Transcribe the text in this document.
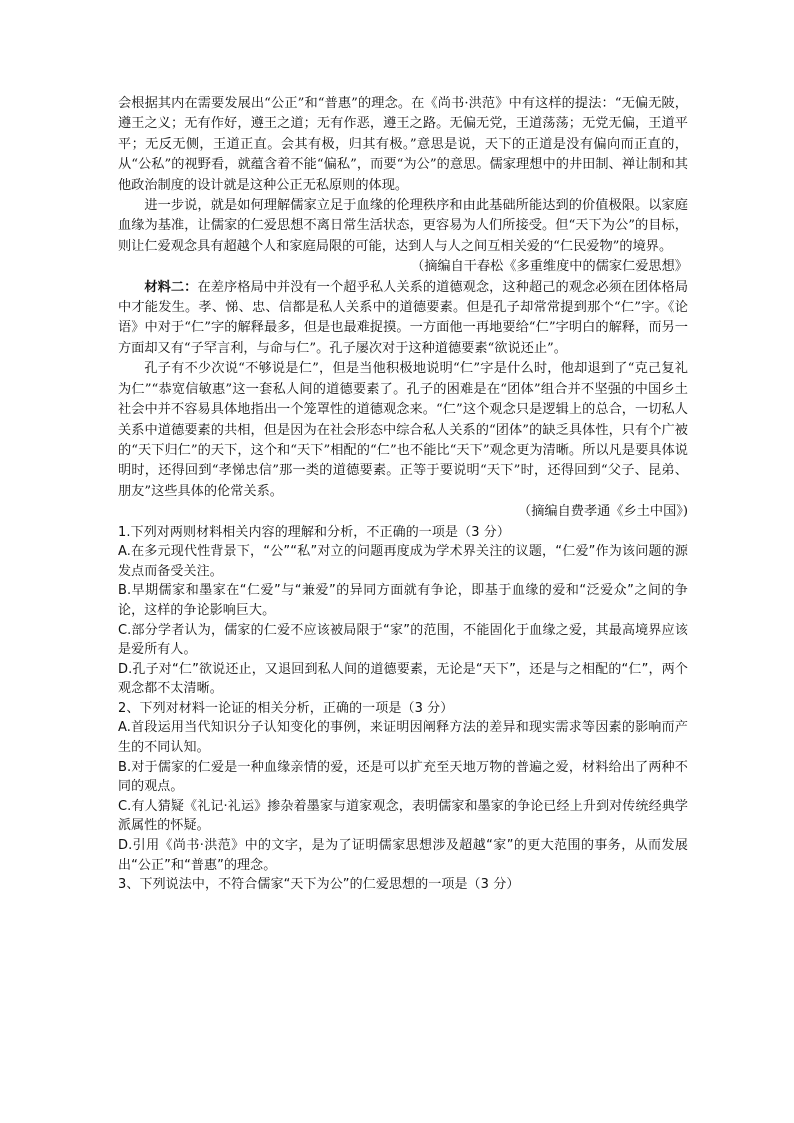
会根据其内在需要发展出“公正”和“普惠”的理念。在《尚书·洪范》中有这样的提法：“无偏无陂，遵王之义；无有作好，遵王之道；无有作恶，遵王之路。无偏无党，王道荡荡；无党无偏，王道平平；无反无侧，王道正直。会其有极，归其有极。”意思是说，天下的正道是没有偏向而正直的，从“公私”的视野看，就蕴含着不能“偏私”，而要“为公”的意思。儒家理想中的井田制、禅让制和其他政治制度的设计就是这种公正无私原则的体现。

进一步说，就是如何理解儒家立足于血缘的伦理秩序和由此基础所能达到的价值极限。以家庭血缘为基准，让儒家的仁爱思想不离日常生活状态，更容易为人们所接受。但“天下为公”的目标，则让仁爱观念具有超越个人和家庭局限的可能，达到人与人之间互相关爱的“仁民爱物”的境界。

（摘编自干春松《多重维度中的儒家仁爱思想》

材料二：在差序格局中并没有一个超乎私人关系的道德观念，这种超己的观念必须在团体格局中才能发生。孝、悌、忠、信都是私人关系中的道德要素。但是孔子却常常提到那个“仁”字。《论语》中对于“仁”字的解释最多，但是也最难捉摸。一方面他一再地要给“仁”字明白的解释，而另一方面却又有“子罕言利，与命与仁”。孔子屡次对于这种道德要素“欲说还止”。

孔子有不少次说“不够说是仁”，但是当他积极地说明“仁”字是什么时，他却退到了“克己复礼为仁”“恭宽信敏惠”这一套私人间的道德要素了。孔子的困难是在“团体”组合并不坚强的中国乡土社会中并不容易具体地指出一个笼罩性的道德观念来。“仁”这个观念只是逻辑上的总合，一切私人关系中道德要素的共相，但是因为在社会形态中综合私人关系的“团体”的缺乏具体性，只有个广被的“天下归仁”的天下，这个和“天下”相配的“仁”也不能比“天下”观念更为清晰。所以凡是要具体说明时，还得回到“孝悌忠信”那一类的道德要素。正等于要说明“天下”时，还得回到“父子、昆弟、朋友”这些具体的伦常关系。

（摘编自费孝通《乡土中国》)

1.下列对两则材料相关内容的理解和分析，不正确的一项是（3 分）

A.在多元现代性背景下，“公”“私”对立的问题再度成为学术界关注的议题，“仁爱”作为该问题的源发点而备受关注。

B.早期儒家和墨家在“仁爱”与“兼爱”的异同方面就有争论，即基于血缘的爱和“泛爱众”之间的争论，这样的争论影响巨大。

C.部分学者认为，儒家的仁爱不应该被局限于“家”的范围，不能固化于血缘之爱，其最高境界应该是爱所有人。

D.孔子对“仁”欲说还止，又退回到私人间的道德要素，无论是“天下”，还是与之相配的“仁”，两个观念都不太清晰。

2、下列对材料一论证的相关分析，正确的一项是（3 分）

A.首段运用当代知识分子认知变化的事例，来证明因阐释方法的差异和现实需求等因素的影响而产生的不同认知。

B.对于儒家的仁爱是一种血缘亲情的爱，还是可以扩充至天地万物的普遍之爱，材料给出了两种不同的观点。

C.有人猜疑《礼记·礼运》掺杂着墨家与道家观念，表明儒家和墨家的争论已经上升到对传统经典学派属性的怀疑。

D.引用《尚书·洪范》中的文字，是为了证明儒家思想涉及超越“家”的更大范围的事务，从而发展出“公正”和“普惠”的理念。

3、下列说法中，不符合儒家“天下为公”的仁爱思想的一项是（3 分）
